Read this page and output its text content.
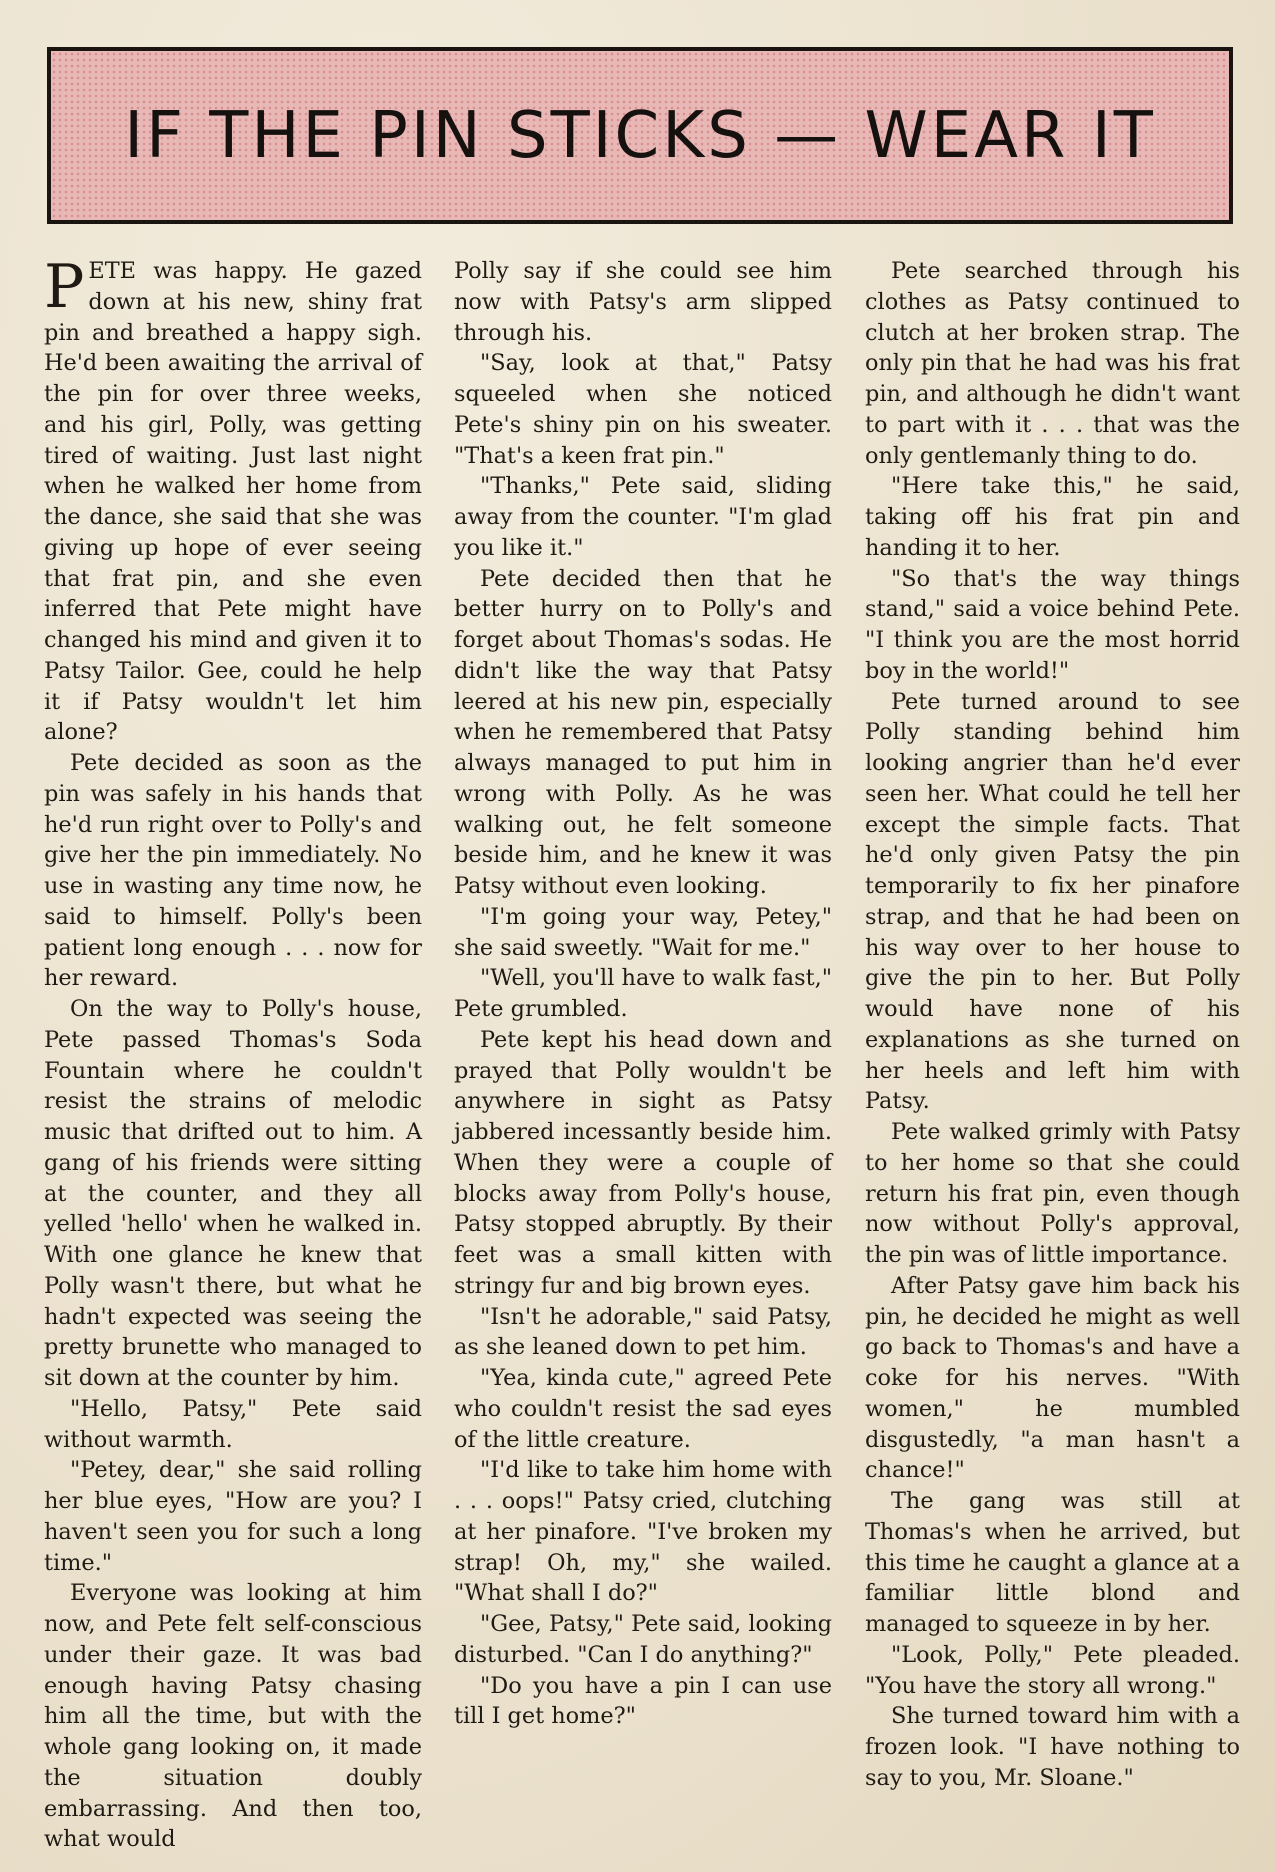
IF THE PIN STICKS — WEAR IT

PETE was happy. He gazed down at his new, shiny frat pin and breathed a happy sigh. He'd been awaiting the arrival of the pin for over three weeks, and his girl, Polly, was getting tired of waiting. Just last night when he walked her home from the dance, she said that she was giving up hope of ever seeing that frat pin, and she even inferred that Pete might have changed his mind and given it to Patsy Tailor. Gee, could he help it if Patsy wouldn't let him alone?

Pete decided as soon as the pin was safely in his hands that he'd run right over to Polly's and give her the pin immediately. No use in wasting any time now, he said to himself. Polly's been patient long enough . . . now for her reward.

On the way to Polly's house, Pete passed Thomas's Soda Fountain where he couldn't resist the strains of melodic music that drifted out to him. A gang of his friends were sitting at the counter, and they all yelled 'hello' when he walked in. With one glance he knew that Polly wasn't there, but what he hadn't expected was seeing the pretty brunette who managed to sit down at the counter by him.

"Hello, Patsy," Pete said without warmth.

"Petey, dear," she said rolling her blue eyes, "How are you? I haven't seen you for such a long time."

Everyone was looking at him now, and Pete felt self-conscious under their gaze. It was bad enough having Patsy chasing him all the time, but with the whole gang looking on, it made the situation doubly embarrassing. And then too, what would

Polly say if she could see him now with Patsy's arm slipped through his.

"Say, look at that," Patsy squeeled when she noticed Pete's shiny pin on his sweater. "That's a keen frat pin."

"Thanks," Pete said, sliding away from the counter. "I'm glad you like it."

Pete decided then that he better hurry on to Polly's and forget about Thomas's sodas. He didn't like the way that Patsy leered at his new pin, especially when he remembered that Patsy always managed to put him in wrong with Polly. As he was walking out, he felt someone beside him, and he knew it was Patsy without even looking.

"I'm going your way, Petey," she said sweetly. "Wait for me."

"Well, you'll have to walk fast," Pete grumbled.

Pete kept his head down and prayed that Polly wouldn't be anywhere in sight as Patsy jabbered incessantly beside him. When they were a couple of blocks away from Polly's house, Patsy stopped abruptly. By their feet was a small kitten with stringy fur and big brown eyes.

"Isn't he adorable," said Patsy, as she leaned down to pet him.

"Yea, kinda cute," agreed Pete who couldn't resist the sad eyes of the little creature.

"I'd like to take him home with . . . oops!" Patsy cried, clutching at her pinafore. "I've broken my strap! Oh, my," she wailed. "What shall I do?"

"Gee, Patsy," Pete said, looking disturbed. "Can I do anything?"

"Do you have a pin I can use till I get home?"

Pete searched through his clothes as Patsy continued to clutch at her broken strap. The only pin that he had was his frat pin, and although he didn't want to part with it . . . that was the only gentlemanly thing to do.

"Here take this," he said, taking off his frat pin and handing it to her.

"So that's the way things stand," said a voice behind Pete. "I think you are the most horrid boy in the world!"

Pete turned around to see Polly standing behind him looking angrier than he'd ever seen her. What could he tell her except the simple facts. That he'd only given Patsy the pin temporarily to fix her pinafore strap, and that he had been on his way over to her house to give the pin to her. But Polly would have none of his explanations as she turned on her heels and left him with Patsy.

Pete walked grimly with Patsy to her home so that she could return his frat pin, even though now without Polly's approval, the pin was of little importance.

After Patsy gave him back his pin, he decided he might as well go back to Thomas's and have a coke for his nerves. "With women," he mumbled disgustedly, "a man hasn't a chance!"

The gang was still at Thomas's when he arrived, but this time he caught a glance at a familiar little blond and managed to squeeze in by her.

"Look, Polly," Pete pleaded. "You have the story all wrong."

She turned toward him with a frozen look. "I have nothing to say to you, Mr. Sloane."
